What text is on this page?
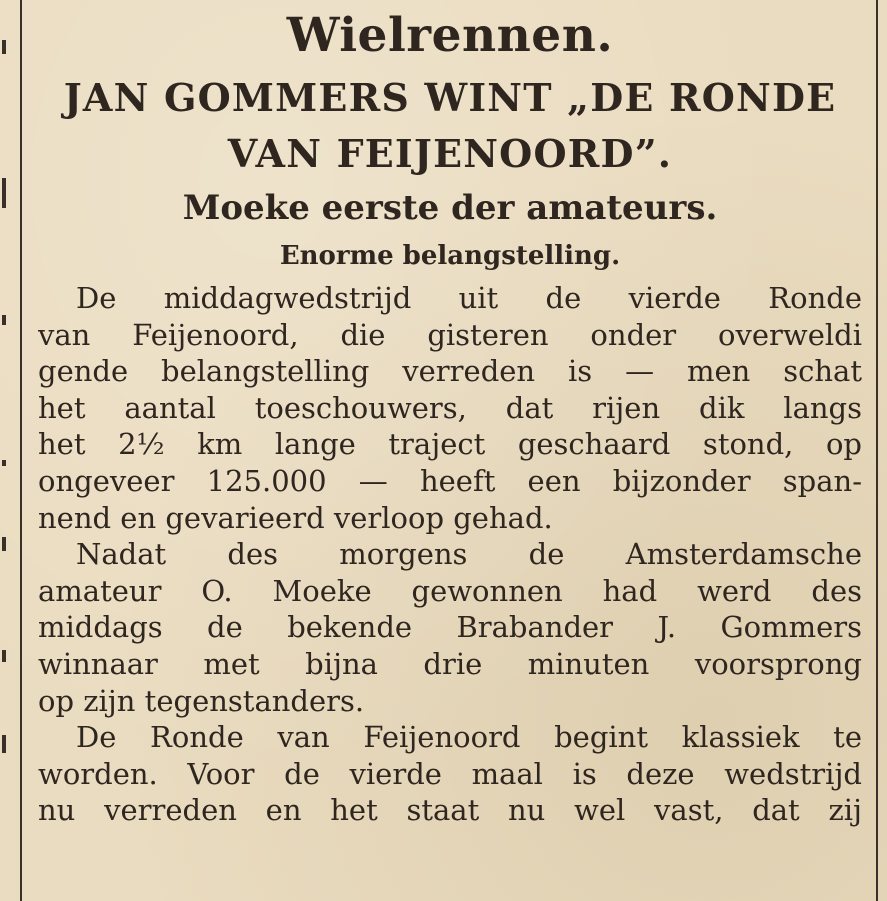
Wielrennen.
JAN GOMMERS WINT „DE RONDE
VAN FEIJENOORD”.
Moeke eerste der amateurs.
Enorme belangstelling.
De middagwedstrijd uit de vierde Ronde
van Feijenoord, die gisteren onder overweldi
gende belangstelling verreden is — men schat
het aantal toeschouwers, dat rijen dik langs
het 2½ km lange traject geschaard stond, op
ongeveer 125.000 — heeft een bijzonder span-
nend en gevarieerd verloop gehad.
Nadat des morgens de Amsterdamsche
amateur O. Moeke gewonnen had werd des
middags de bekende Brabander J. Gommers
winnaar met bijna drie minuten voorsprong
op zijn tegenstanders.
De Ronde van Feijenoord begint klassiek te
worden. Voor de vierde maal is deze wedstrijd
nu verreden en het staat nu wel vast, dat zij
